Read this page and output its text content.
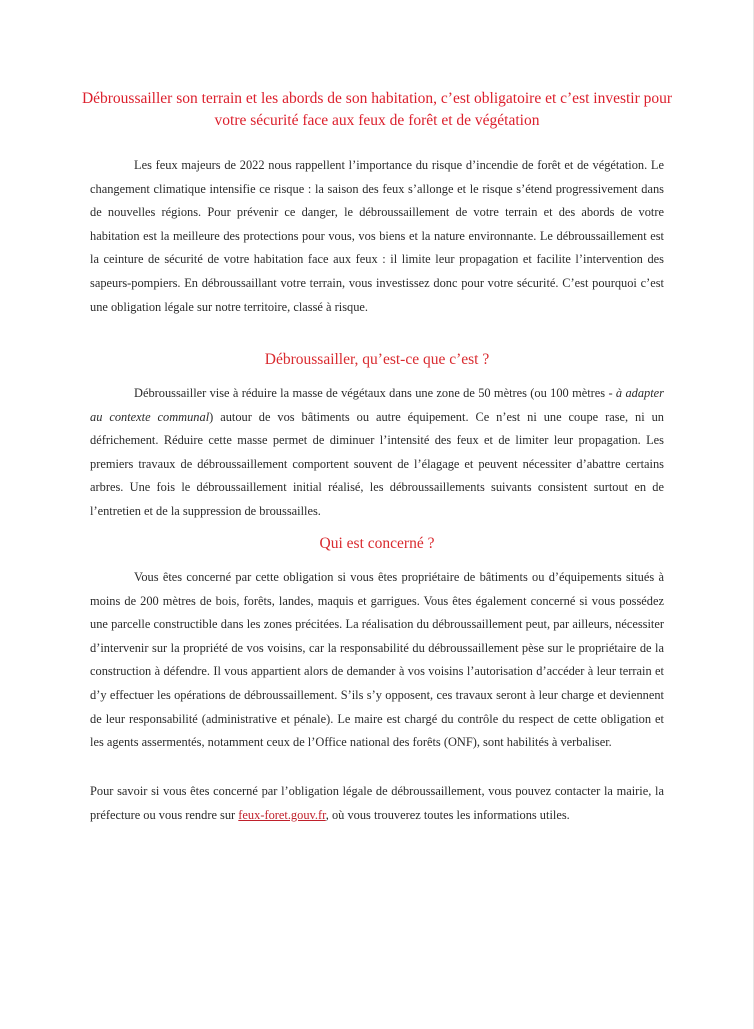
Débroussailler son terrain et les abords de son habitation, c’est obligatoire et c’est investir pour votre sécurité face aux feux de forêt et de végétation

Les feux majeurs de 2022 nous rappellent l’importance du risque d’incendie de forêt et de végétation. Le changement climatique intensifie ce risque : la saison des feux s’allonge et le risque s’étend progressivement dans de nouvelles régions. Pour prévenir ce danger, le débroussaillement de votre terrain et des abords de votre habitation est la meilleure des protections pour vous, vos biens et la nature environnante. Le débroussaillement est la ceinture de sécurité de votre habitation face aux feux : il limite leur propagation et facilite l’intervention des sapeurs-pompiers. En débroussaillant votre terrain, vous investissez donc pour votre sécurité. C’est pourquoi c’est une obligation légale sur notre territoire, classé à risque.

Débroussailler, qu’est-ce que c’est ?

Débroussailler vise à réduire la masse de végétaux dans une zone de 50 mètres (ou 100 mètres - à adapter au contexte communal) autour de vos bâtiments ou autre équipement. Ce n’est ni une coupe rase, ni un défrichement. Réduire cette masse permet de diminuer l’intensité des feux et de limiter leur propagation. Les premiers travaux de débroussaillement comportent souvent de l’élagage et peuvent nécessiter d’abattre certains arbres. Une fois le débroussaillement initial réalisé, les débroussaillements suivants consistent surtout en de l’entretien et de la suppression de broussailles.

Qui est concerné ?

Vous êtes concerné par cette obligation si vous êtes propriétaire de bâtiments ou d’équipements situés à moins de 200 mètres de bois, forêts, landes, maquis et garrigues. Vous êtes également concerné si vous possédez une parcelle constructible dans les zones précitées. La réalisation du débroussaillement peut, par ailleurs, nécessiter d’intervenir sur la propriété de vos voisins, car la responsabilité du débroussaillement pèse sur le propriétaire de la construction à défendre. Il vous appartient alors de demander à vos voisins l’autorisation d’accéder à leur terrain et d’y effectuer les opérations de débroussaillement. S’ils s’y opposent, ces travaux seront à leur charge et deviennent de leur responsabilité (administrative et pénale). Le maire est chargé du contrôle du respect de cette obligation et les agents assermentés, notamment ceux de l’Office national des forêts (ONF), sont habilités à verbaliser.

Pour savoir si vous êtes concerné par l’obligation légale de débroussaillement, vous pouvez contacter la mairie, la préfecture ou vous rendre sur feux-foret.gouv.fr, où vous trouverez toutes les informations utiles.
